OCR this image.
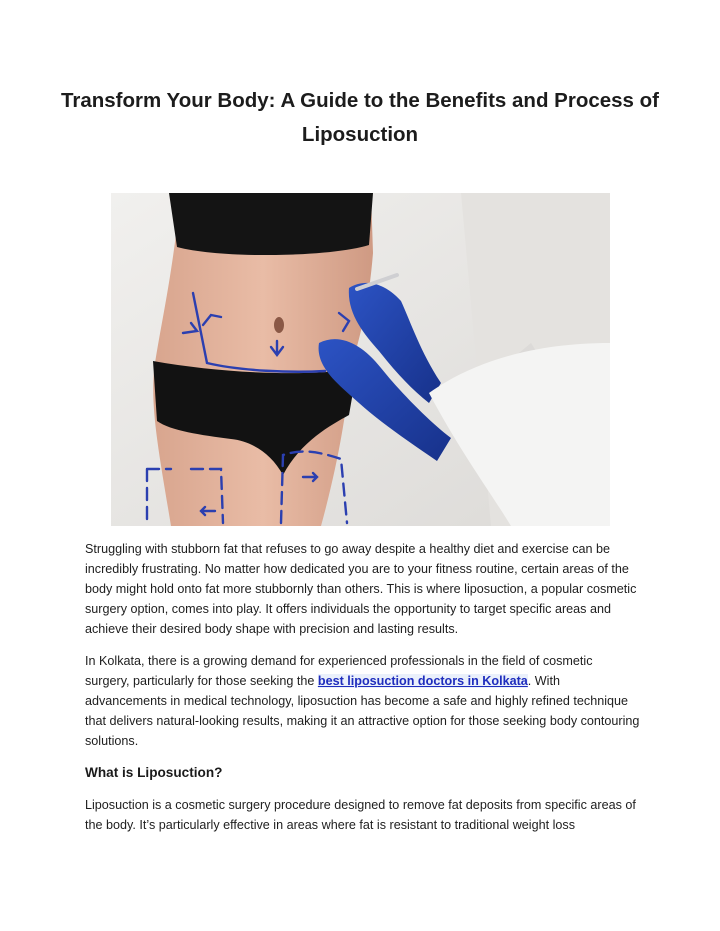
Transform Your Body: A Guide to the Benefits and Process of Liposuction

Struggling with stubborn fat that refuses to go away despite a healthy diet and exercise can be incredibly frustrating. No matter how dedicated you are to your fitness routine, certain areas of the body might hold onto fat more stubbornly than others. This is where liposuction, a popular cosmetic surgery option, comes into play. It offers individuals the opportunity to target specific areas and achieve their desired body shape with precision and lasting results.

In Kolkata, there is a growing demand for experienced professionals in the field of cosmetic surgery, particularly for those seeking the best liposuction doctors in Kolkata. With advancements in medical technology, liposuction has become a safe and highly refined technique that delivers natural-looking results, making it an attractive option for those seeking body contouring solutions.

What is Liposuction?

Liposuction is a cosmetic surgery procedure designed to remove fat deposits from specific areas of the body. It’s particularly effective in areas where fat is resistant to traditional weight loss
